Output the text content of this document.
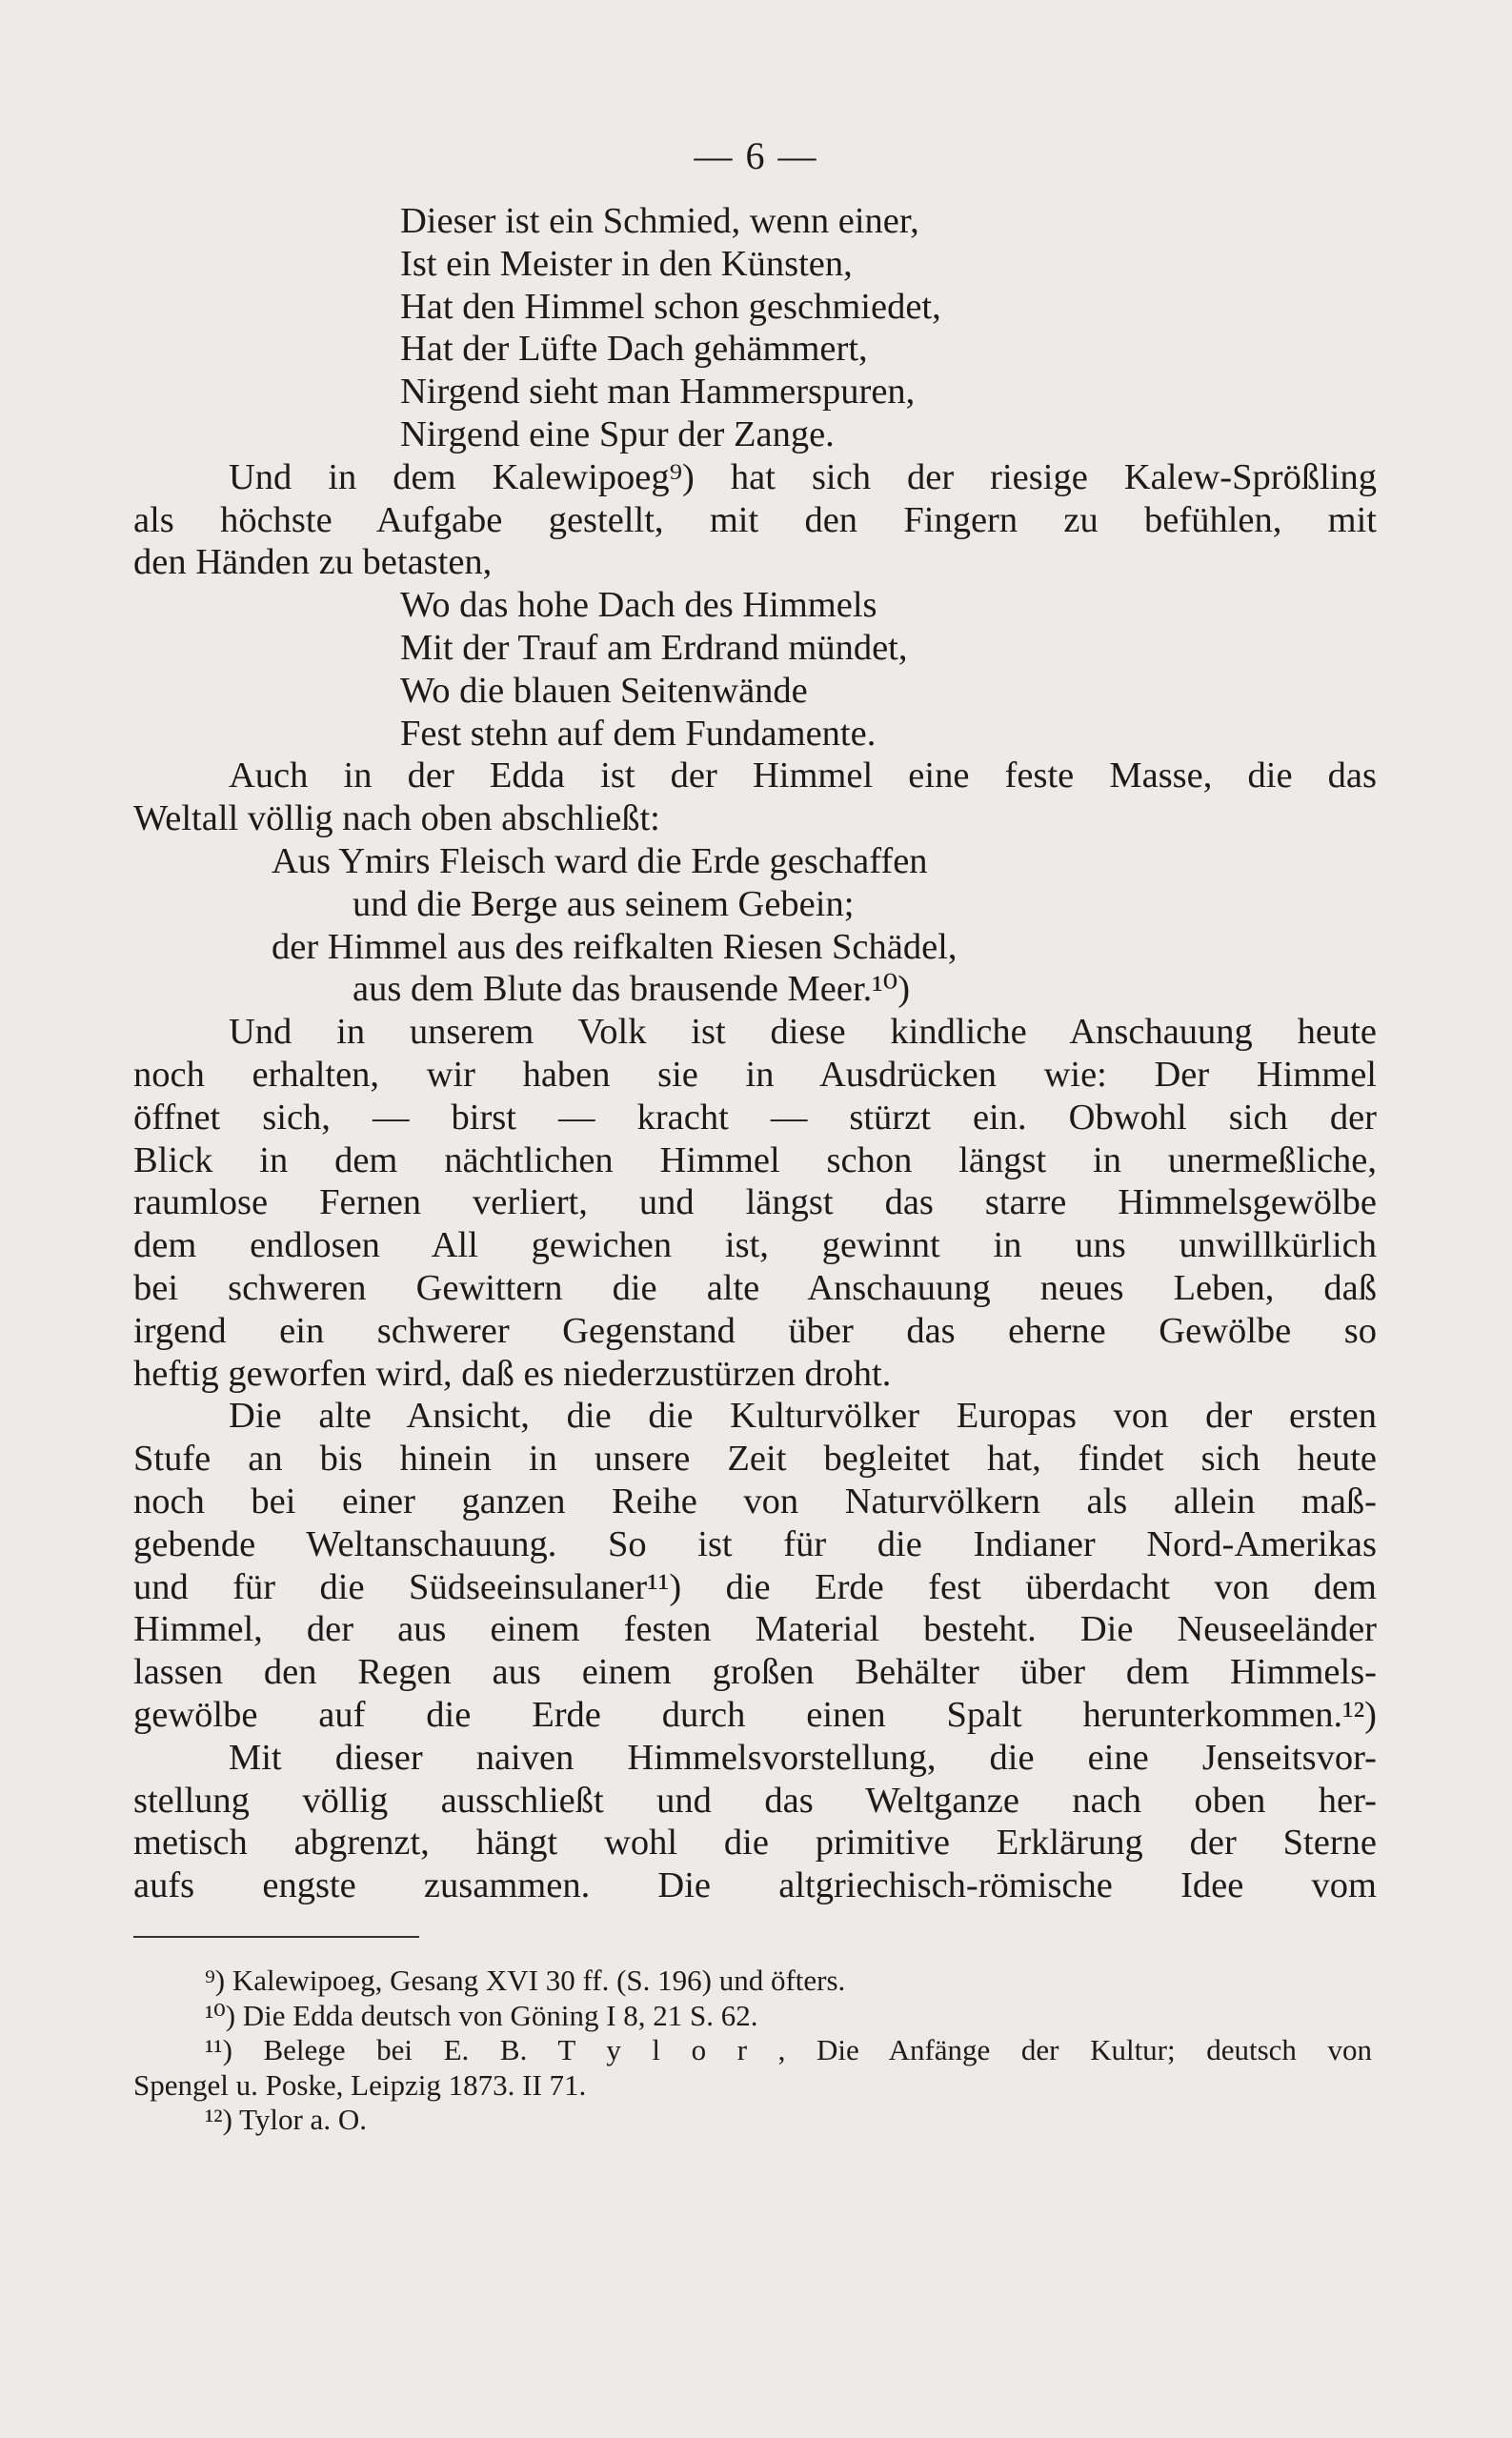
— 6 —
Dieser ist ein Schmied, wenn einer,
Ist ein Meister in den Künsten,
Hat den Himmel schon geschmiedet,
Hat der Lüfte Dach gehämmert,
Nirgend sieht man Hammerspuren,
Nirgend eine Spur der Zange.
Und in dem Kalewipoeg⁹) hat sich der riesige Kalew-Sprößling
als höchste Aufgabe gestellt, mit den Fingern zu befühlen, mit
den Händen zu betasten,
Wo das hohe Dach des Himmels
Mit der Trauf am Erdrand mündet,
Wo die blauen Seitenwände
Fest stehn auf dem Fundamente.
Auch in der Edda ist der Himmel eine feste Masse, die das
Weltall völlig nach oben abschließt:
Aus Ymirs Fleisch ward die Erde geschaffen
und die Berge aus seinem Gebein;
der Himmel aus des reifkalten Riesen Schädel,
aus dem Blute das brausende Meer.¹⁰)
Und in unserem Volk ist diese kindliche Anschauung heute
noch erhalten, wir haben sie in Ausdrücken wie: Der Himmel
öffnet sich, — birst — kracht — stürzt ein. Obwohl sich der
Blick in dem nächtlichen Himmel schon längst in unermeßliche,
raumlose Fernen verliert, und längst das starre Himmelsgewölbe
dem endlosen All gewichen ist, gewinnt in uns unwillkürlich
bei schweren Gewittern die alte Anschauung neues Leben, daß
irgend ein schwerer Gegenstand über das eherne Gewölbe so
heftig geworfen wird, daß es niederzustürzen droht.
Die alte Ansicht, die die Kulturvölker Europas von der ersten
Stufe an bis hinein in unsere Zeit begleitet hat, findet sich heute
noch bei einer ganzen Reihe von Naturvölkern als allein maß-
gebende Weltanschauung. So ist für die Indianer Nord-Amerikas
und für die Südseeinsulaner¹¹) die Erde fest überdacht von dem
Himmel, der aus einem festen Material besteht. Die Neuseeländer
lassen den Regen aus einem großen Behälter über dem Himmels-
gewölbe auf die Erde durch einen Spalt herunterkommen.¹²)
Mit dieser naiven Himmelsvorstellung, die eine Jenseitsvor-
stellung völlig ausschließt und das Weltganze nach oben her-
metisch abgrenzt, hängt wohl die primitive Erklärung der Sterne
aufs engste zusammen. Die altgriechisch-römische Idee vom
⁹) Kalewipoeg, Gesang XVI 30 ff. (S. 196) und öfters.
¹⁰) Die Edda deutsch von Göning I 8, 21 S. 62.
¹¹) Belege bei E. B. T y l o r , Die Anfänge der Kultur; deutsch von
Spengel u. Poske, Leipzig 1873. II 71.
¹²) Tylor a. O.
